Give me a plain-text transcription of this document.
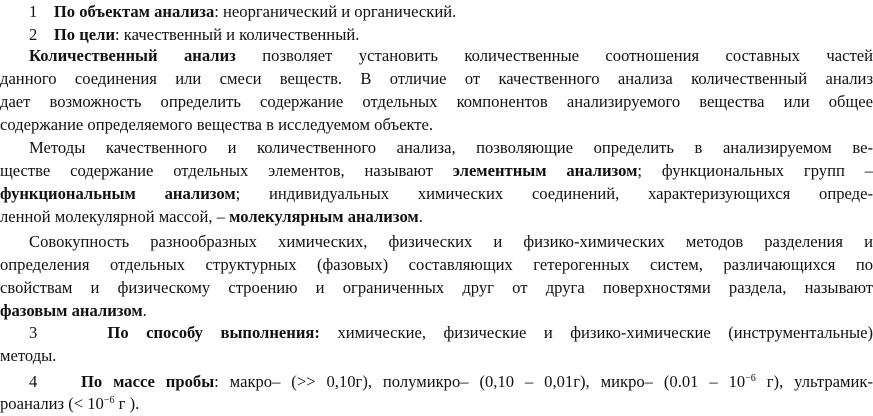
1 По объектам анализа: неорганический и органический.
2 По цели: качественный и количественный.
Количественный анализ позволяет установить количественные соотношения составных частей
данного соединения или смеси веществ. В отличие от качественного анализа количественный анализ
дает возможность определить содержание отдельных компонентов анализируемого вещества или общее
содержание определяемого вещества в исследуемом объекте.
Методы качественного и количественного анализа, позволяющие определить в анализируемом ве-
ществе содержание отдельных элементов, называют элементным анализом; функциональных групп –
функциональным анализом; индивидуальных химических соединений, характеризующихся опреде-
ленной молекулярной массой, – молекулярным анализом.
Совокупность разнообразных химических, физических и физико-химических методов разделения и
определения отдельных структурных (фазовых) составляющих гетерогенных систем, различающихся по
свойствам и физическому строению и ограниченных друг от друга поверхностями раздела, называют
фазовым анализом.
3	По способу выполнения: химические, физические и физико-химические (инструментальные)
методы.
4	По массе пробы: макро– (>> 0,10г), полумикро– (0,10 – 0,01г), микро– ($0.01 - 10^{-6}$ г), ультрамик-
роанализ (< $10^{-6}$ г ).
